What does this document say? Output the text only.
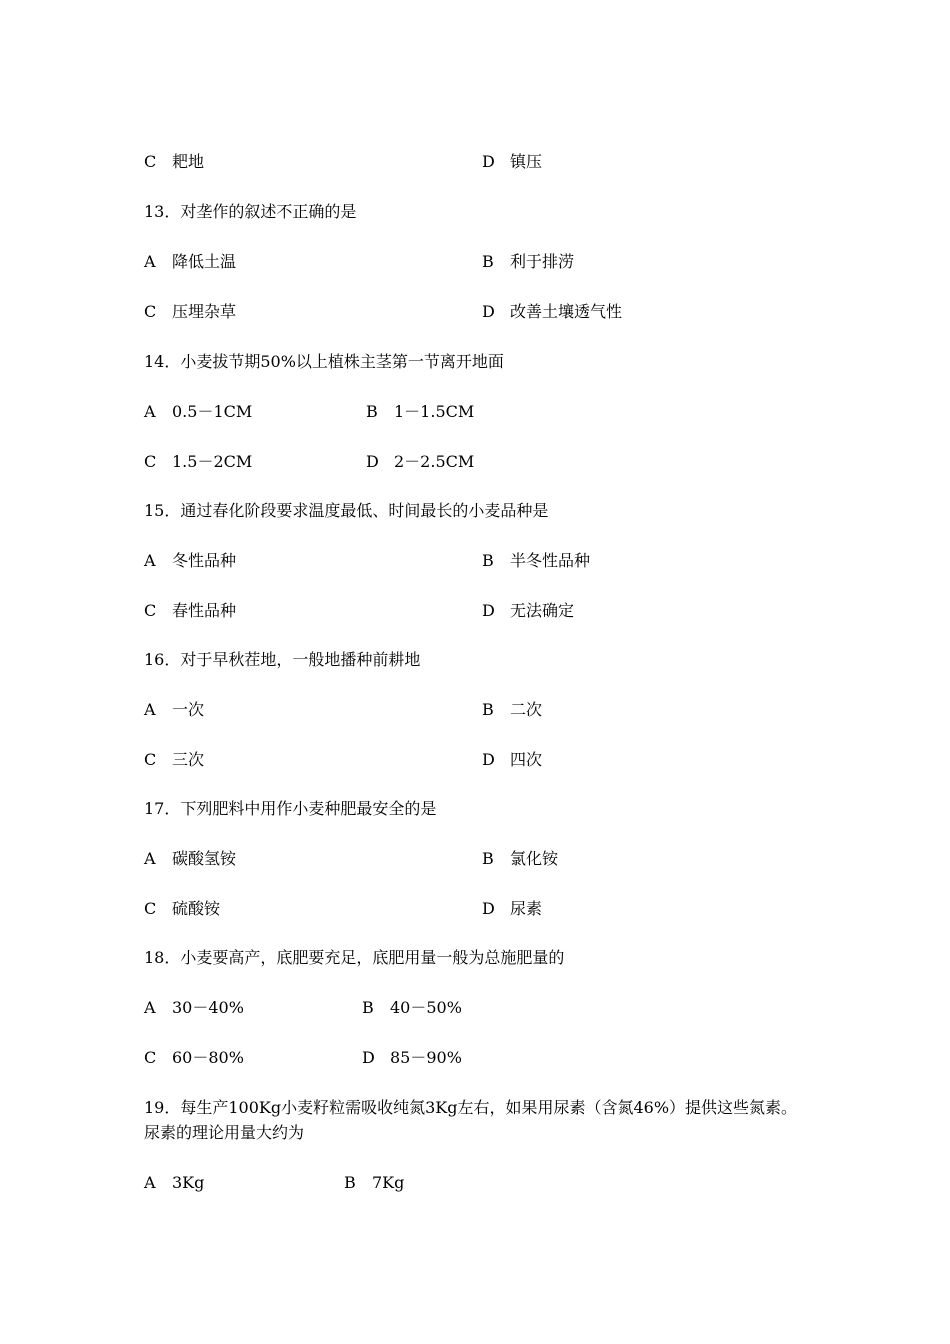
C 耙地	D 镇压
13．对垄作的叙述不正确的是
A 降低土温	B 利于排涝
C 压埋杂草	D 改善土壤透气性
14．小麦拔节期50%以上植株主茎第一节离开地面
A 0.5－1CM	B 1－1.5CM
C 1.5－2CM	D 2－2.5CM
15．通过春化阶段要求温度最低、时间最长的小麦品种是
A 冬性品种	B 半冬性品种
C 春性品种	D 无法确定
16．对于早秋茬地，一般地播种前耕地
A 一次	B 二次
C 三次	D 四次
17．下列肥料中用作小麦种肥最安全的是
A 碳酸氢铵	B 氯化铵
C 硫酸铵	D 尿素
18．小麦要高产，底肥要充足，底肥用量一般为总施肥量的
A 30－40%	B 40－50%
C 60－80%	D 85－90%
19．每生产100Kg小麦籽粒需吸收纯氮3Kg左右，如果用尿素（含氮46%）提供这些氮素。
尿素的理论用量大约为
A 3Kg	B 7Kg
